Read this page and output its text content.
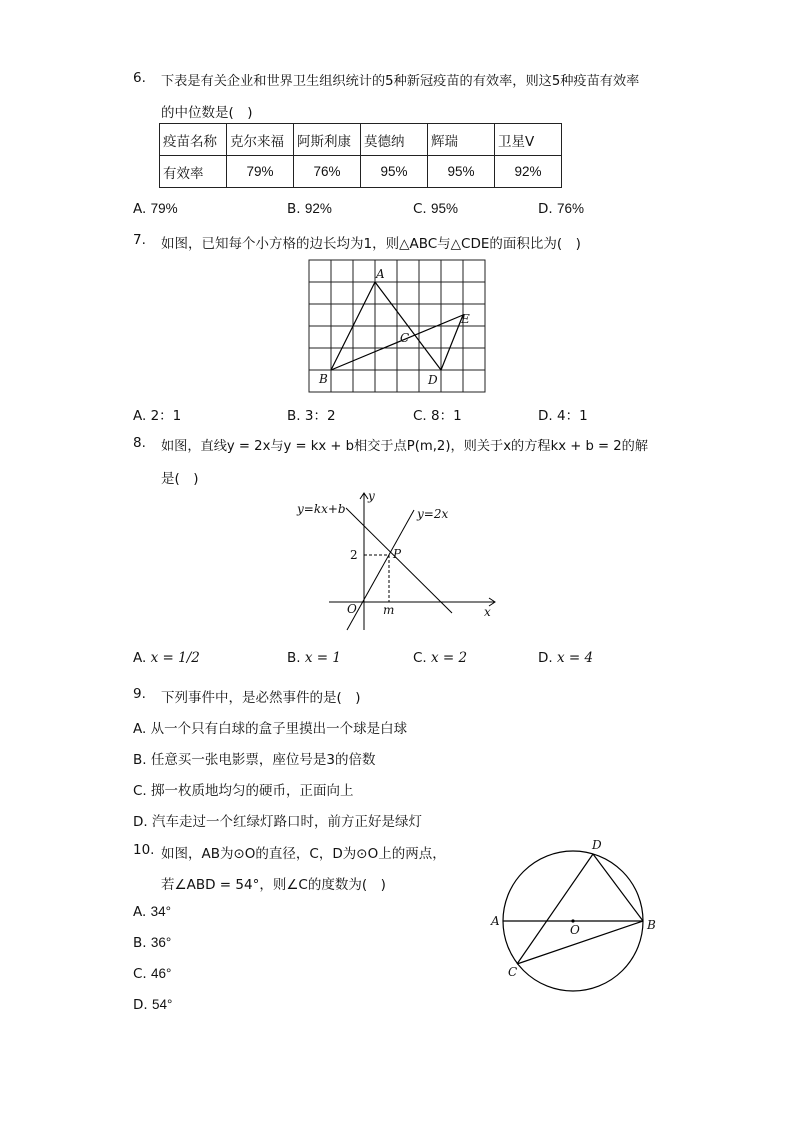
6. 下表是有关企业和世界卫生组织统计的5种新冠疫苗的有效率，则这5种疫苗有效率
的中位数是(　)
疫苗名称	克尔来福	阿斯利康	莫德纳	辉瑞	卫星V
有效率	79%	76%	95%	95%	92%
A. 79%	B. 92%	C. 95%	D. 76%
7. 如图，已知每个小方格的边长均为1，则△ABC与△CDE的面积比为(　)
A
B
C
D
E
A. 2：1	B. 3：2	C. 8：1	D. 4：1
8. 如图，直线y = 2x与y = kx + b相交于点P(m,2)，则关于x的方程kx + b = 2的解
是(　)
y=kx+b	y=2x
y
x
O
P
2
m
A. x = 1/2	B. x = 1	C. x = 2	D. x = 4
9. 下列事件中，是必然事件的是(　)
A. 从一个只有白球的盒子里摸出一个球是白球
B. 任意买一张电影票，座位号是3的倍数
C. 掷一枚质地均匀的硬币，正面向上
D. 汽车走过一个红绿灯路口时，前方正好是绿灯
10. 如图，AB为⊙O的直径，C，D为⊙O上的两点，
若∠ABD = 54°，则∠C的度数为(　)
A. 34°
B. 36°
C. 46°
D. 54°
A	B
C
D
O
